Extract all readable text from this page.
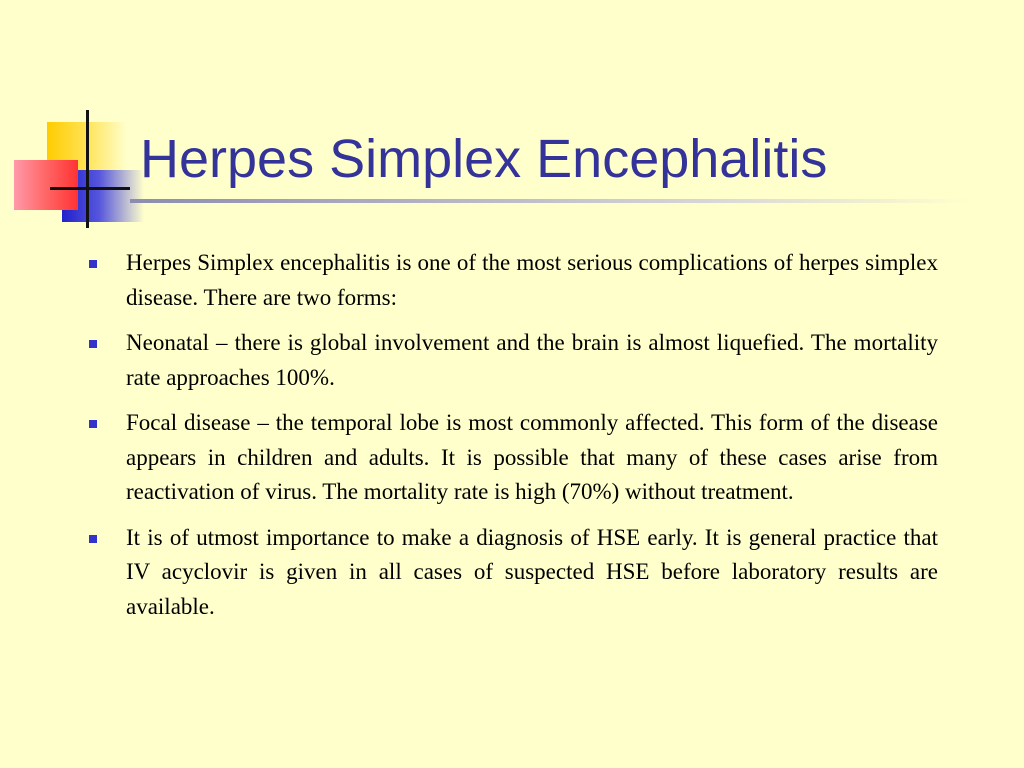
Herpes Simplex Encephalitis
Herpes Simplex encephalitis is one of the most serious complications of herpes simplex disease. There are two forms:
Neonatal – there is global involvement and the brain is almost liquefied. The mortality rate approaches 100%.
Focal disease – the temporal lobe is most commonly affected. This form of the disease appears in children and adults. It is possible that many of these cases arise from reactivation of virus. The mortality rate is high (70%) without treatment.
It is of utmost importance to make a diagnosis of HSE early. It is general practice that IV acyclovir is given in all cases of suspected HSE before laboratory results are available.
